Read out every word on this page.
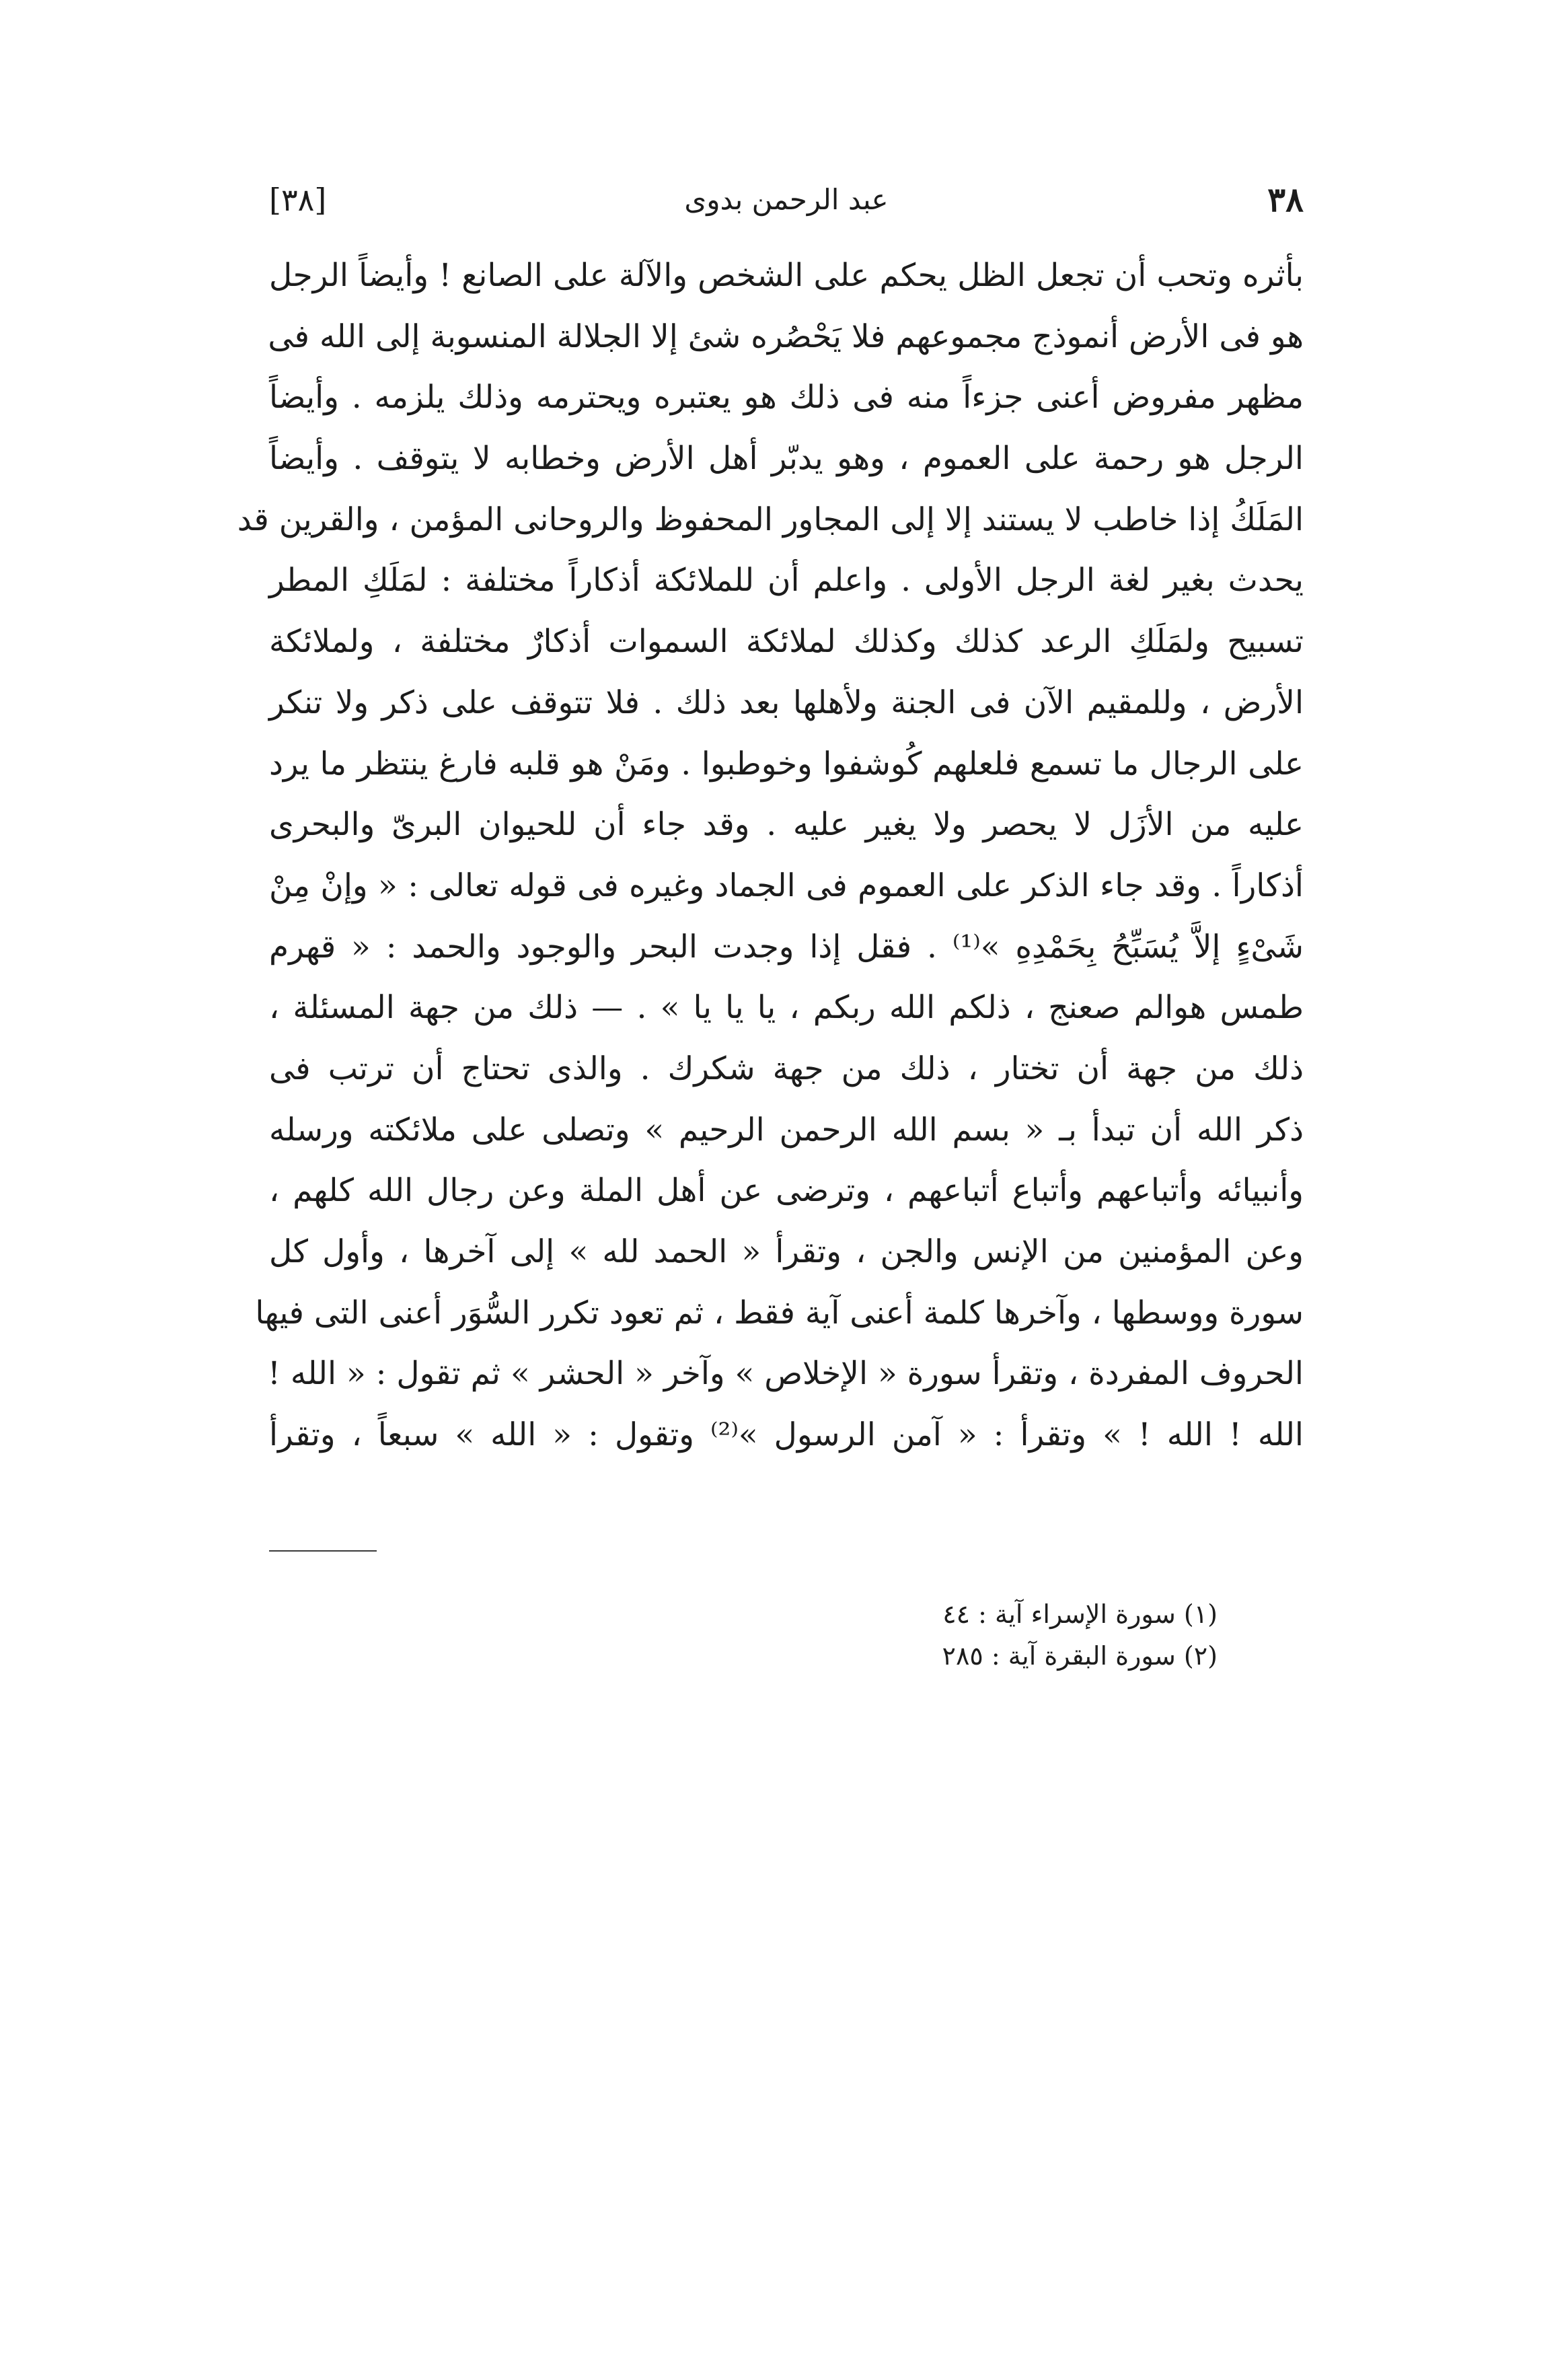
٣٨
عبد الرحمن بدوى
[٣٨]
بأثره وتحب أن تجعل الظل يحكم على الشخص والآلة على الصانع ! وأيضاً الرجل
هو فى الأرض أنموذج مجموعهم فلا يَحْصُره شئ إلا الجلالة المنسوبة إلى الله فى
مظهر مفروض أعنى جزءاً منه فى ذلك هو يعتبره ويحترمه وذلك يلزمه . وأيضاً
الرجل هو رحمة على العموم ، وهو يدبّر أهل الأرض وخطابه لا يتوقف . وأيضاً
المَلَكُ إذا خاطب لا يستند إلا إلى المجاور المحفوظ والروحانى المؤمن ، والقرين قد
يحدث بغير لغة الرجل الأولى . واعلم أن للملائكة أذكاراً مختلفة : لمَلَكِ المطر
تسبيح ولمَلَكِ الرعد كذلك وكذلك لملائكة السموات أذكارٌ مختلفة ، ولملائكة
الأرض ، وللمقيم الآن فى الجنة ولأهلها بعد ذلك . فلا تتوقف على ذكر ولا تنكر
على الرجال ما تسمع فلعلهم كُوشفوا وخوطبوا . ومَنْ هو قلبه فارغ ينتظر ما يرد
عليه من الأزَل لا يحصر ولا يغير عليه . وقد جاء أن للحيوان البرىّ والبحرى
أذكاراً . وقد جاء الذكر على العموم فى الجماد وغيره فى قوله تعالى : « وإنْ مِنْ
شَىْءٍ إلاَّ يُسَبِّحُ بِحَمْدِهِ »⁽¹⁾ . فقل إذا وجدت البحر والوجود والحمد : « قهرم
طمس هوالم صعنج ، ذلكم الله ربكم ، يا يا يا » . — ذلك من جهة المسئلة ،
ذلك من جهة أن تختار ، ذلك من جهة شكرك . والذى تحتاج أن ترتب فى
ذكر الله أن تبدأ بـ « بسم الله الرحمن الرحيم » وتصلى على ملائكته ورسله
وأنبيائه وأتباعهم وأتباع أتباعهم ، وترضى عن أهل الملة وعن رجال الله كلهم ،
وعن المؤمنين من الإنس والجن ، وتقرأ « الحمد لله » إلى آخرها ، وأول كل
سورة ووسطها ، وآخرها كلمة أعنى آية فقط ، ثم تعود تكرر السُّوَر أعنى التى فيها
الحروف المفردة ، وتقرأ سورة « الإخلاص » وآخر « الحشر » ثم تقول : « الله !
الله ! الله ! » وتقرأ : « آمن الرسول »⁽²⁾ وتقول : « الله » سبعاً ، وتقرأ
(١) سورة الإسراء آية : ٤٤
(٢) سورة البقرة آية : ٢٨٥
